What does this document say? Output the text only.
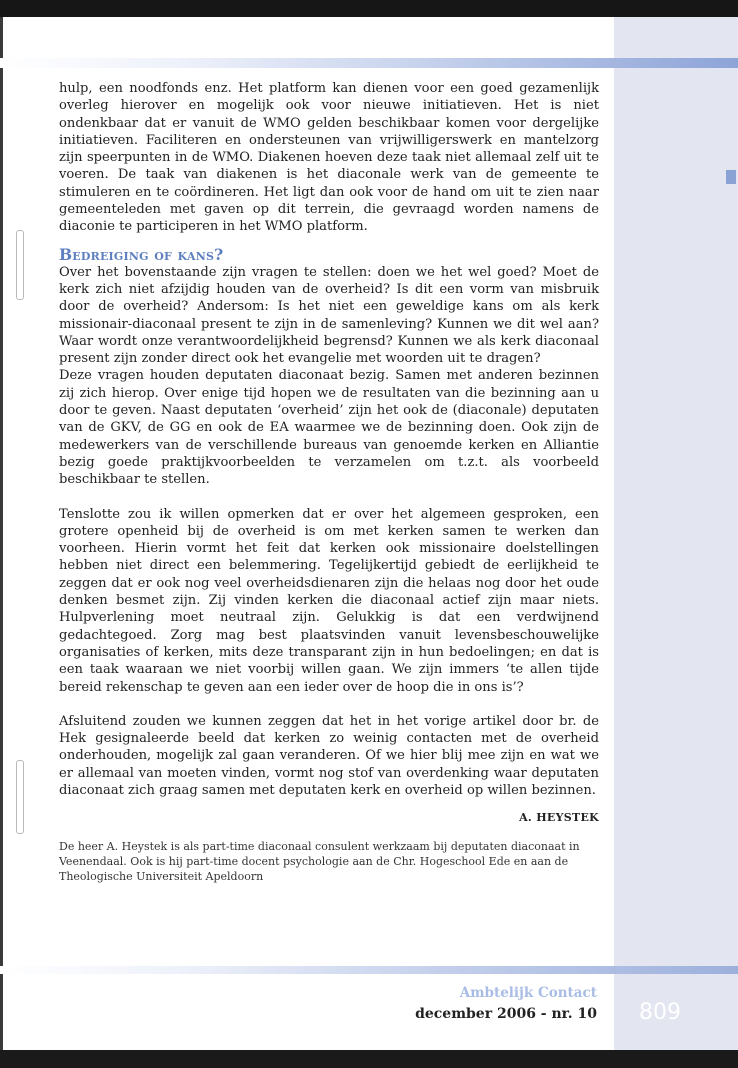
hulp, een noodfonds enz. Het platform kan dienen voor een goed gezamenlijk overleg hierover en mogelijk ook voor nieuwe initiatieven. Het is niet ondenkbaar dat er vanuit de WMO gelden beschikbaar komen voor dergelijke initiatieven. Faciliteren en ondersteunen van vrijwilligerswerk en mantelzorg zijn speerpunten in de WMO. Diakenen hoeven deze taak niet allemaal zelf uit te voeren. De taak van diakenen is het diaconale werk van de gemeente te stimuleren en te coördineren. Het ligt dan ook voor de hand om uit te zien naar gemeenteleden met gaven op dit terrein, die gevraagd worden namens de diaconie te participeren in het WMO platform.

Bedreiging of kans?

Over het bovenstaande zijn vragen te stellen: doen we het wel goed? Moet de kerk zich niet afzijdig houden van de overheid? Is dit een vorm van misbruik door de overheid? Andersom: Is het niet een geweldige kans om als kerk missionair-diaconaal present te zijn in de samenleving? Kunnen we dit wel aan? Waar wordt onze verantwoordelijkheid begrensd? Kunnen we als kerk diaconaal present zijn zonder direct ook het evangelie met woorden uit te dragen?

Deze vragen houden deputaten diaconaat bezig. Samen met anderen bezinnen zij zich hierop. Over enige tijd hopen we de resultaten van die bezinning aan u door te geven. Naast deputaten ‘overheid’ zijn het ook de (diaconale) deputaten van de GKV, de GG en ook de EA waarmee we de bezinning doen. Ook zijn de medewerkers van de verschillende bureaus van genoemde kerken en Alliantie bezig goede praktijkvoorbeelden te verzamelen om t.z.t. als voorbeeld beschikbaar te stellen.

Tenslotte zou ik willen opmerken dat er over het algemeen gesproken, een grotere openheid bij de overheid is om met kerken samen te werken dan voorheen. Hierin vormt het feit dat kerken ook missionaire doelstellingen hebben niet direct een belemmering. Tegelijkertijd gebiedt de eerlijkheid te zeggen dat er ook nog veel overheidsdienaren zijn die helaas nog door het oude denken besmet zijn. Zij vinden kerken die diaconaal actief zijn maar niets. Hulpverlening moet neutraal zijn. Gelukkig is dat een verdwijnend gedachtegoed. Zorg mag best plaatsvinden vanuit levensbeschouwelijke organisaties of kerken, mits deze transparant zijn in hun bedoelingen; en dat is een taak waaraan we niet voorbij willen gaan. We zijn immers ‘te allen tijde bereid rekenschap te geven aan een ieder over de hoop die in ons is’?

Afsluitend zouden we kunnen zeggen dat het in het vorige artikel door br. de Hek gesignaleerde beeld dat kerken zo weinig contacten met de overheid onderhouden, mogelijk zal gaan veranderen. Of we hier blij mee zijn en wat we er allemaal van moeten vinden, vormt nog stof van overdenking waar deputaten diaconaat zich graag samen met deputaten kerk en overheid op willen bezinnen.

A. HEYSTEK

De heer A. Heystek is als part-time diaconaal consulent werkzaam bij deputaten diaconaat in Veenendaal. Ook is hij part-time docent psychologie aan de Chr. Hogeschool Ede en aan de Theologische Universiteit Apeldoorn

Ambtelijk Contact
december 2006 - nr. 10	809
